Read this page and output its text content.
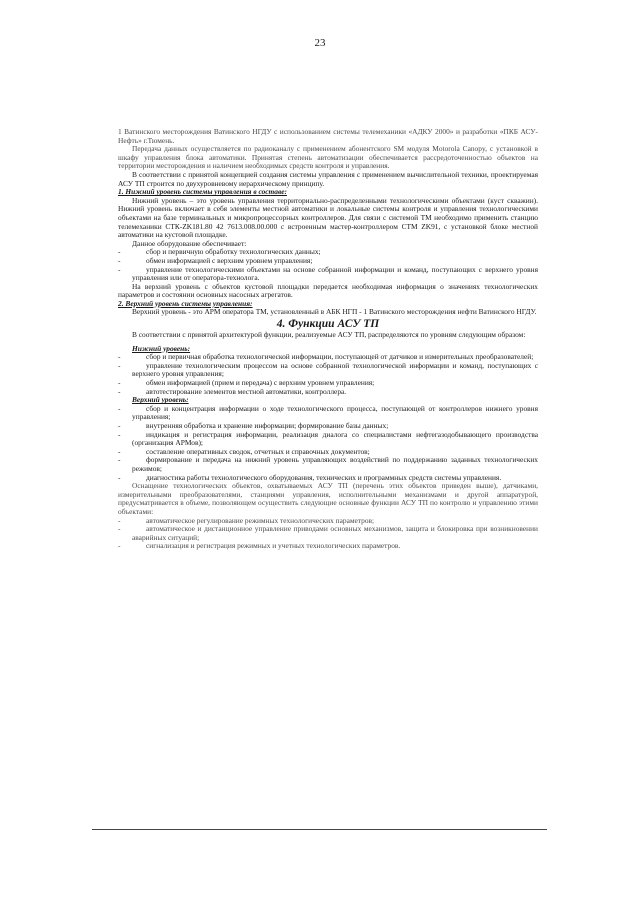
23

1 Ватинского месторождения Ватинского НГДУ с использованием системы телемеханики «АДКУ 2000» и разработки «ПКБ АСУ-Нефть» г.Тюмень.

Передача данных осуществляется по радиоканалу с применением абонентского SM модуля Motorola Canopy, с установкой в шкафу управления блока автоматики. Принятая степень автоматизации обеспечивается рассредоточенностью объектов на территории месторождения и наличием необходимых средств контроля и управления.

В соответствии с принятой концепцией создания системы управления с применением вычислительной техники, проектируемая АСУ ТП строится по двухуровневому иерархическому принципу.

1. Нижний уровень системы управления в составе:

Нижний уровень – это уровень управления территориально-распределенными технологическими объектами (куст скважин). Нижний уровень включает в себя элементы местной автоматики и локальные системы контроля и управления технологическими объектами на базе терминальных и микропроцессорных контроллеров. Для связи с системой ТМ необходимо применить станцию телемеханики СТК-ZK181.80 42 7613.008.00.000 с встроенным мастер-контроллером СТМ ZK91, с установкой блоке местной автоматики на кустовой площадке.

Данное оборудование обеспечивает:

-	сбор и первичную обработку технологических данных;
-	обмен информацией с верхним уровнем управления;
-	управление технологическими объектами на основе собранной информации и команд, поступающих с верхнего уровня управления или от оператора-технолога.

На верхний уровень с объектов кустовой площадки передается необходимая информация о значениях технологических параметров и состоянии основных насосных агрегатов.

2. Верхний уровень системы управления:

Верхний уровень - это АРМ оператора ТМ, установленный в АБК НГП - 1 Ватинского месторождения нефти Ватинского НГДУ.

4. Функции АСУ ТП

В соответствии с принятой архитектурой функции, реализуемые АСУ ТП, распределяются по уровням следующим образом:

Нижний уровень:

-	сбор и первичная обработка технологической информации, поступающей от датчиков и измерительных преобразователей;
-	управление технологическим процессом на основе собранной технологической информации и команд, поступающих с верхнего уровня управления;
-	обмен информацией (прием и передача) с верхним уровнем управления;
-	автотестирование элементов местной автоматики, контроллера.

Верхний уровень:

-	сбор и концентрация информации о ходе технологического процесса, поступающей от контроллеров нижнего уровня управления;
-	внутренняя обработка и хранение информации; формирование базы данных;
-	индикация и регистрация информации, реализация диалога со специалистами нефтегазодобывающего производства (организация АРМов);
-	составление оперативных сводок, отчетных и справочных документов;
-	формирование и передача на нижний уровень управляющих воздействий по поддержанию заданных технологических режимов;
-	диагностика работы технологического оборудования, технических и программных средств системы управления.

Оснащение технологических объектов, охватываемых АСУ ТП (перечень этих объектов приведен выше), датчиками, измерительными преобразователями, станциями управления, исполнительными механизмами и другой аппаратурой, предусматривается в объеме, позволяющем осуществить следующие основные функции АСУ ТП по контролю и управлению этими объектами:

-	автоматическое регулирование режимных технологических параметров;
-	автоматическое и дистанционное управление приводами основных механизмов, защита и блокировка при возникновении аварийных ситуаций;
-	сигнализация и регистрация режимных и учетных технологических параметров.
